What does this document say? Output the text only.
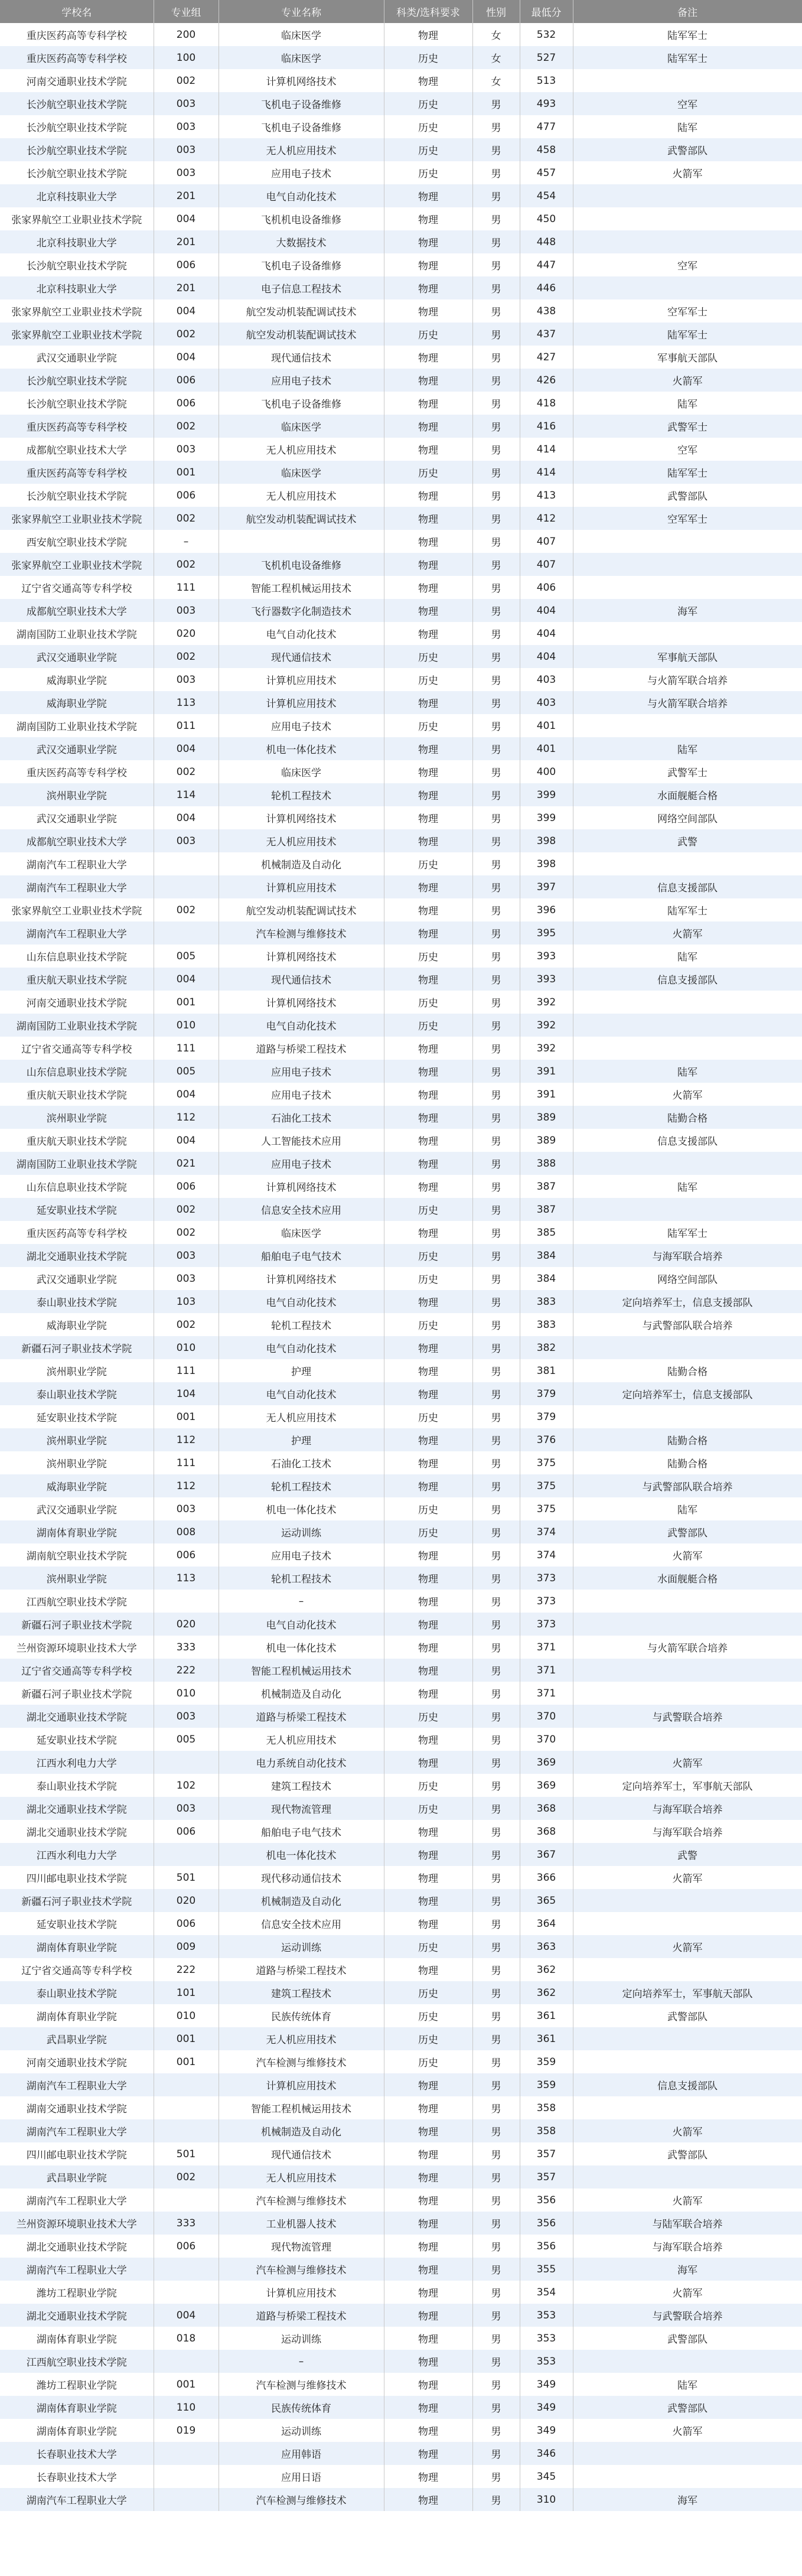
学校名	专业组	专业名称	科类/选科要求	性别	最低分	备注
重庆医药高等专科学校	200	临床医学	物理	女	532	陆军军士
重庆医药高等专科学校	100	临床医学	历史	女	527	陆军军士
河南交通职业技术学院	002	计算机网络技术	物理	女	513	
长沙航空职业技术学院	003	飞机电子设备维修	历史	男	493	空军
长沙航空职业技术学院	003	飞机电子设备维修	历史	男	477	陆军
长沙航空职业技术学院	003	无人机应用技术	历史	男	458	武警部队
长沙航空职业技术学院	003	应用电子技术	历史	男	457	火箭军
北京科技职业大学	201	电气自动化技术	物理	男	454	
张家界航空工业职业技术学院	004	飞机机电设备维修	物理	男	450	
北京科技职业大学	201	大数据技术	物理	男	448	
长沙航空职业技术学院	006	飞机电子设备维修	物理	男	447	空军
北京科技职业大学	201	电子信息工程技术	物理	男	446	
张家界航空工业职业技术学院	004	航空发动机装配调试技术	物理	男	438	空军军士
张家界航空工业职业技术学院	002	航空发动机装配调试技术	历史	男	437	陆军军士
武汉交通职业学院	004	现代通信技术	物理	男	427	军事航天部队
长沙航空职业技术学院	006	应用电子技术	物理	男	426	火箭军
长沙航空职业技术学院	006	飞机电子设备维修	物理	男	418	陆军
重庆医药高等专科学校	002	临床医学	物理	男	416	武警军士
成都航空职业技术大学	003	无人机应用技术	物理	男	414	空军
重庆医药高等专科学校	001	临床医学	历史	男	414	陆军军士
长沙航空职业技术学院	006	无人机应用技术	物理	男	413	武警部队
张家界航空工业职业技术学院	002	航空发动机装配调试技术	物理	男	412	空军军士
西安航空职业技术学院	–		物理	男	407	
张家界航空工业职业技术学院	002	飞机机电设备维修	物理	男	407	
辽宁省交通高等专科学校	111	智能工程机械运用技术	物理	男	406	
成都航空职业技术大学	003	飞行器数字化制造技术	物理	男	404	海军
湖南国防工业职业技术学院	020	电气自动化技术	物理	男	404	
武汉交通职业学院	002	现代通信技术	历史	男	404	军事航天部队
威海职业学院	003	计算机应用技术	历史	男	403	与火箭军联合培养
威海职业学院	113	计算机应用技术	物理	男	403	与火箭军联合培养
湖南国防工业职业技术学院	011	应用电子技术	历史	男	401	
武汉交通职业学院	004	机电一体化技术	物理	男	401	陆军
重庆医药高等专科学校	002	临床医学	物理	男	400	武警军士
滨州职业学院	114	轮机工程技术	物理	男	399	水面舰艇合格
武汉交通职业学院	004	计算机网络技术	物理	男	399	网络空间部队
成都航空职业技术大学	003	无人机应用技术	物理	男	398	武警
湖南汽车工程职业大学		机械制造及自动化	历史	男	398	
湖南汽车工程职业大学		计算机应用技术	物理	男	397	信息支援部队
张家界航空工业职业技术学院	002	航空发动机装配调试技术	物理	男	396	陆军军士
湖南汽车工程职业大学		汽车检测与维修技术	物理	男	395	火箭军
山东信息职业技术学院	005	计算机网络技术	历史	男	393	陆军
重庆航天职业技术学院	004	现代通信技术	物理	男	393	信息支援部队
河南交通职业技术学院	001	计算机网络技术	历史	男	392	
湖南国防工业职业技术学院	010	电气自动化技术	历史	男	392	
辽宁省交通高等专科学校	111	道路与桥梁工程技术	物理	男	392	
山东信息职业技术学院	005	应用电子技术	物理	男	391	陆军
重庆航天职业技术学院	004	应用电子技术	物理	男	391	火箭军
滨州职业学院	112	石油化工技术	物理	男	389	陆勤合格
重庆航天职业技术学院	004	人工智能技术应用	物理	男	389	信息支援部队
湖南国防工业职业技术学院	021	应用电子技术	物理	男	388	
山东信息职业技术学院	006	计算机网络技术	物理	男	387	陆军
延安职业技术学院	002	信息安全技术应用	历史	男	387	
重庆医药高等专科学校	002	临床医学	物理	男	385	陆军军士
湖北交通职业技术学院	003	船舶电子电气技术	历史	男	384	与海军联合培养
武汉交通职业学院	003	计算机网络技术	历史	男	384	网络空间部队
泰山职业技术学院	103	电气自动化技术	物理	男	383	定向培养军士，信息支援部队
威海职业学院	002	轮机工程技术	历史	男	383	与武警部队联合培养
新疆石河子职业技术学院	010	电气自动化技术	物理	男	382	
滨州职业学院	111	护理	物理	男	381	陆勤合格
泰山职业技术学院	104	电气自动化技术	物理	男	379	定向培养军士，信息支援部队
延安职业技术学院	001	无人机应用技术	历史	男	379	
滨州职业学院	112	护理	物理	男	376	陆勤合格
滨州职业学院	111	石油化工技术	物理	男	375	陆勤合格
威海职业学院	112	轮机工程技术	物理	男	375	与武警部队联合培养
武汉交通职业学院	003	机电一体化技术	历史	男	375	陆军
湖南体育职业学院	008	运动训练	历史	男	374	武警部队
湖南航空职业技术学院	006	应用电子技术	物理	男	374	火箭军
滨州职业学院	113	轮机工程技术	物理	男	373	水面舰艇合格
江西航空职业技术学院		–	物理	男	373	
新疆石河子职业技术学院	020	电气自动化技术	物理	男	373	
兰州资源环境职业技术大学	333	机电一体化技术	物理	男	371	与火箭军联合培养
辽宁省交通高等专科学校	222	智能工程机械运用技术	物理	男	371	
新疆石河子职业技术学院	010	机械制造及自动化	物理	男	371	
湖北交通职业技术学院	003	道路与桥梁工程技术	历史	男	370	与武警联合培养
延安职业技术学院	005	无人机应用技术	物理	男	370	
江西水利电力大学		电力系统自动化技术	物理	男	369	火箭军
泰山职业技术学院	102	建筑工程技术	历史	男	369	定向培养军士，军事航天部队
湖北交通职业技术学院	003	现代物流管理	历史	男	368	与海军联合培养
湖北交通职业技术学院	006	船舶电子电气技术	物理	男	368	与海军联合培养
江西水利电力大学		机电一体化技术	物理	男	367	武警
四川邮电职业技术学院	501	现代移动通信技术	物理	男	366	火箭军
新疆石河子职业技术学院	020	机械制造及自动化	物理	男	365	
延安职业技术学院	006	信息安全技术应用	物理	男	364	
湖南体育职业学院	009	运动训练	历史	男	363	火箭军
辽宁省交通高等专科学校	222	道路与桥梁工程技术	物理	男	362	
泰山职业技术学院	101	建筑工程技术	历史	男	362	定向培养军士，军事航天部队
湖南体育职业学院	010	民族传统体育	历史	男	361	武警部队
武昌职业学院	001	无人机应用技术	历史	男	361	
河南交通职业技术学院	001	汽车检测与维修技术	历史	男	359	
湖南汽车工程职业大学		计算机应用技术	物理	男	359	信息支援部队
湖南交通职业技术学院		智能工程机械运用技术	物理	男	358	
湖南汽车工程职业大学		机械制造及自动化	物理	男	358	火箭军
四川邮电职业技术学院	501	现代通信技术	物理	男	357	武警部队
武昌职业学院	002	无人机应用技术	物理	男	357	
湖南汽车工程职业大学		汽车检测与维修技术	物理	男	356	火箭军
兰州资源环境职业技术大学	333	工业机器人技术	物理	男	356	与陆军联合培养
湖北交通职业技术学院	006	现代物流管理	物理	男	356	与海军联合培养
湖南汽车工程职业大学		汽车检测与维修技术	物理	男	355	海军
潍坊工程职业学院		计算机应用技术	物理	男	354	火箭军
湖北交通职业技术学院	004	道路与桥梁工程技术	物理	男	353	与武警联合培养
湖南体育职业学院	018	运动训练	物理	男	353	武警部队
江西航空职业技术学院		–	物理	男	353	
潍坊工程职业学院	001	汽车检测与维修技术	物理	男	349	陆军
湖南体育职业学院	110	民族传统体育	物理	男	349	武警部队
湖南体育职业学院	019	运动训练	物理	男	349	火箭军
长春职业技术大学		应用韩语	物理	男	346	
长春职业技术大学		应用日语	物理	男	345	
湖南汽车工程职业大学		汽车检测与维修技术	物理	男	310	海军
